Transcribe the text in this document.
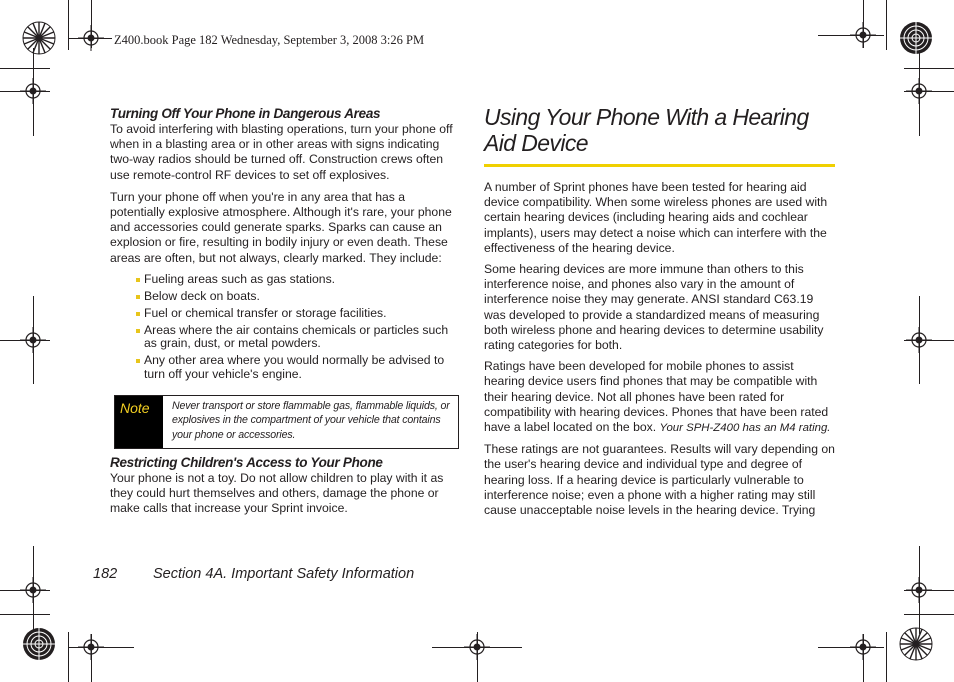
Z400.book Page 182 Wednesday, September 3, 2008 3:26 PM
Turning Off Your Phone in Dangerous Areas

To avoid interfering with blasting operations, turn your phone off when in a blasting area or in other areas with signs indicating two-way radios should be turned off. Construction crews often use remote-control RF devices to set off explosives.

Turn your phone off when you're in any area that has a potentially explosive atmosphere. Although it's rare, your phone and accessories could generate sparks. Sparks can cause an explosion or fire, resulting in bodily injury or even death. These areas are often, but not always, clearly marked. They include:

Fueling areas such as gas stations.
Below deck on boats.
Fuel or chemical transfer or storage facilities.
Areas where the air contains chemicals or particles such as grain, dust, or metal powders.
Any other area where you would normally be advised to turn off your vehicle's engine.
Note	Never transport or store flammable gas, flammable liquids, or explosives in the compartment of your vehicle that contains your phone or accessories.
Restricting Children's Access to Your Phone

Your phone is not a toy. Do not allow children to play with it as they could hurt themselves and others, damage the phone or make calls that increase your Sprint invoice.

Using Your Phone With a Hearing Aid Device

A number of Sprint phones have been tested for hearing aid device compatibility. When some wireless phones are used with certain hearing devices (including hearing aids and cochlear implants), users may detect a noise which can interfere with the effectiveness of the hearing device.

Some hearing devices are more immune than others to this interference noise, and phones also vary in the amount of interference noise they may generate. ANSI standard C63.19 was developed to provide a standardized means of measuring both wireless phone and hearing devices to determine usability rating categories for both.

Ratings have been developed for mobile phones to assist hearing device users find phones that may be compatible with their hearing device. Not all phones have been rated for compatibility with hearing devices. Phones that have been rated have a label located on the box. Your SPH-Z400 has an M4 rating.

These ratings are not guarantees. Results will vary depending on the user's hearing device and individual type and degree of hearing loss. If a hearing device is particularly vulnerable to interference noise; even a phone with a higher rating may still cause unacceptable noise levels in the hearing device. Trying

182 Section 4A. Important Safety Information
